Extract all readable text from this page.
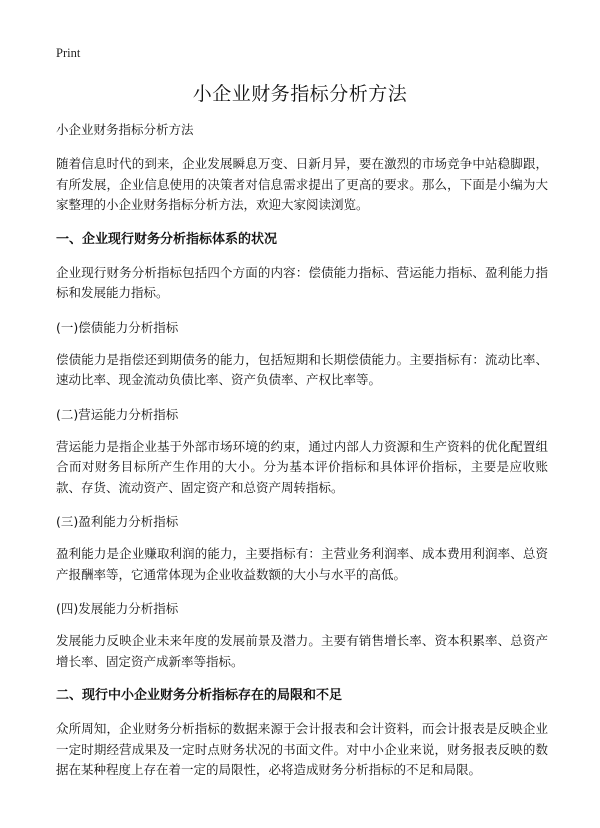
Print
小企业财务指标分析方法
小企业财务指标分析方法

随着信息时代的到来，企业发展瞬息万变、日新月异，要在激烈的市场竞争中站稳脚跟，有所发展，企业信息使用的决策者对信息需求提出了更高的要求。那么，下面是小编为大家整理的小企业财务指标分析方法，欢迎大家阅读浏览。

一、企业现行财务分析指标体系的状况

企业现行财务分析指标包括四个方面的内容：偿债能力指标、营运能力指标、盈利能力指标和发展能力指标。

(一)偿债能力分析指标

偿债能力是指偿还到期债务的能力，包括短期和长期偿债能力。主要指标有：流动比率、速动比率、现金流动负债比率、资产负债率、产权比率等。

(二)营运能力分析指标

营运能力是指企业基于外部市场环境的约束，通过内部人力资源和生产资料的优化配置组合而对财务目标所产生作用的大小。分为基本评价指标和具体评价指标，主要是应收账款、存货、流动资产、固定资产和总资产周转指标。

(三)盈利能力分析指标

盈利能力是企业赚取利润的能力，主要指标有：主营业务利润率、成本费用利润率、总资产报酬率等，它通常体现为企业收益数额的大小与水平的高低。

(四)发展能力分析指标

发展能力反映企业未来年度的发展前景及潜力。主要有销售增长率、资本积累率、总资产增长率、固定资产成新率等指标。

二、现行中小企业财务分析指标存在的局限和不足

众所周知，企业财务分析指标的数据来源于会计报表和会计资料，而会计报表是反映企业一定时期经营成果及一定时点财务状况的书面文件。对中小企业来说，财务报表反映的数据在某种程度上存在着一定的局限性，必将造成财务分析指标的不足和局限。
